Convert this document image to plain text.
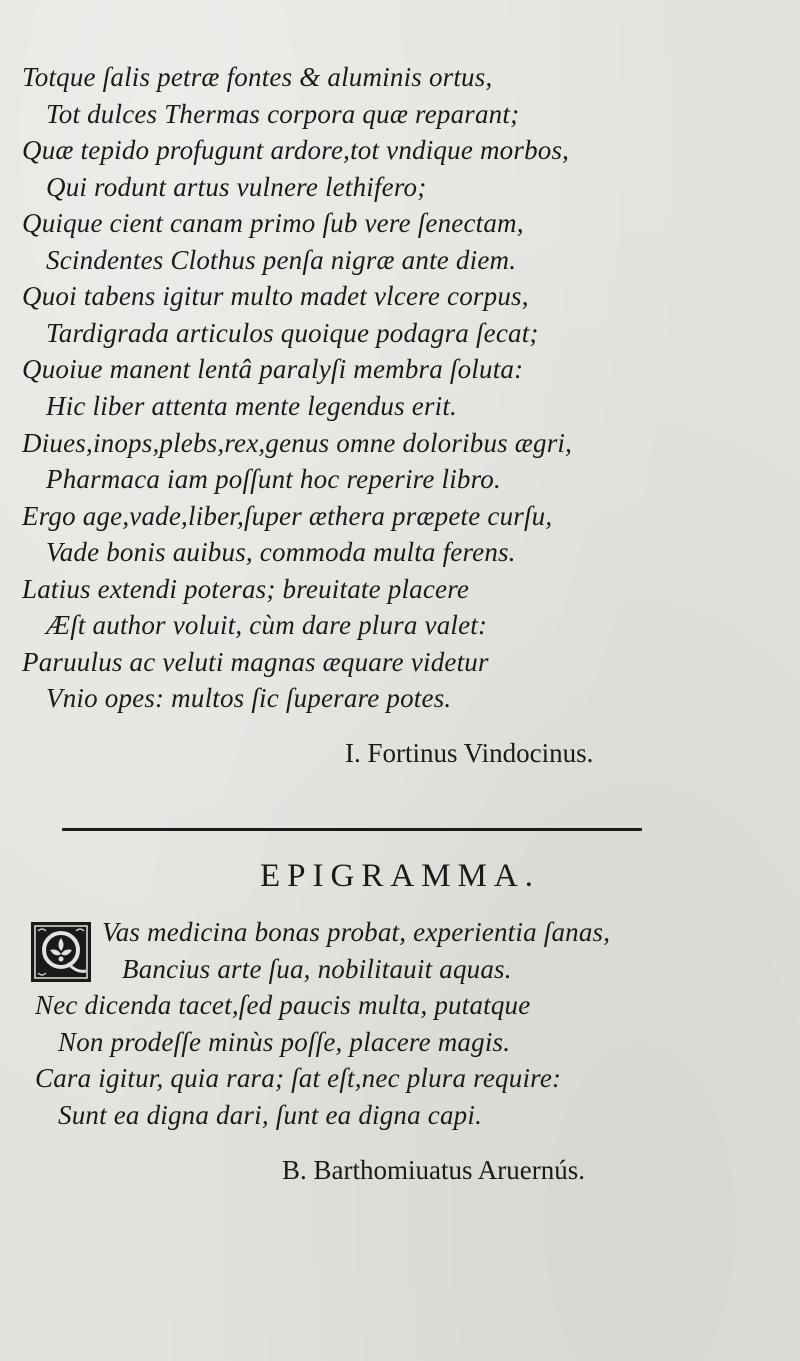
Totque ſalis petræ fontes & aluminis ortus,
Tot dulces Thermas corpora quæ reparant;
Quæ tepido profugunt ardore,tot vndique morbos,
Qui rodunt artus vulnere lethifero;
Quique cient canam primo ſub vere ſenectam,
Scindentes Clothus penſa nigræ ante diem.
Quoi tabens igitur multo madet vlcere corpus,
Tardigrada articulos quoique podagra ſecat;
Quoiue manent lentâ paralyſi membra ſoluta:
Hic liber attenta mente legendus erit.
Diues,inops,plebs,rex,genus omne doloribus ægri,
Pharmaca iam poſſunt hoc reperire libro.
Ergo age,vade,liber,ſuper æthera præpete curſu,
Vade bonis auibus, commoda multa ferens.
Latius extendi poteras; breuitate placere
Æſt author voluit, cùm dare plura valet:
Paruulus ac veluti magnas æquare videtur
Vnio opes: multos ſic ſuperare potes.
I. Fortinus Vindocinus.
EPIGRAMMA.
Vas medicina bonas probat, experientia ſanas,
Bancius arte ſua, nobilitauit aquas.
Nec dicenda tacet,ſed paucis multa, putatque
Non prodeſſe minùs poſſe, placere magis.
Cara igitur, quia rara; ſat eſt,nec plura require:
Sunt ea digna dari, ſunt ea digna capi.
B. Barthomiuatus Aruernús.
